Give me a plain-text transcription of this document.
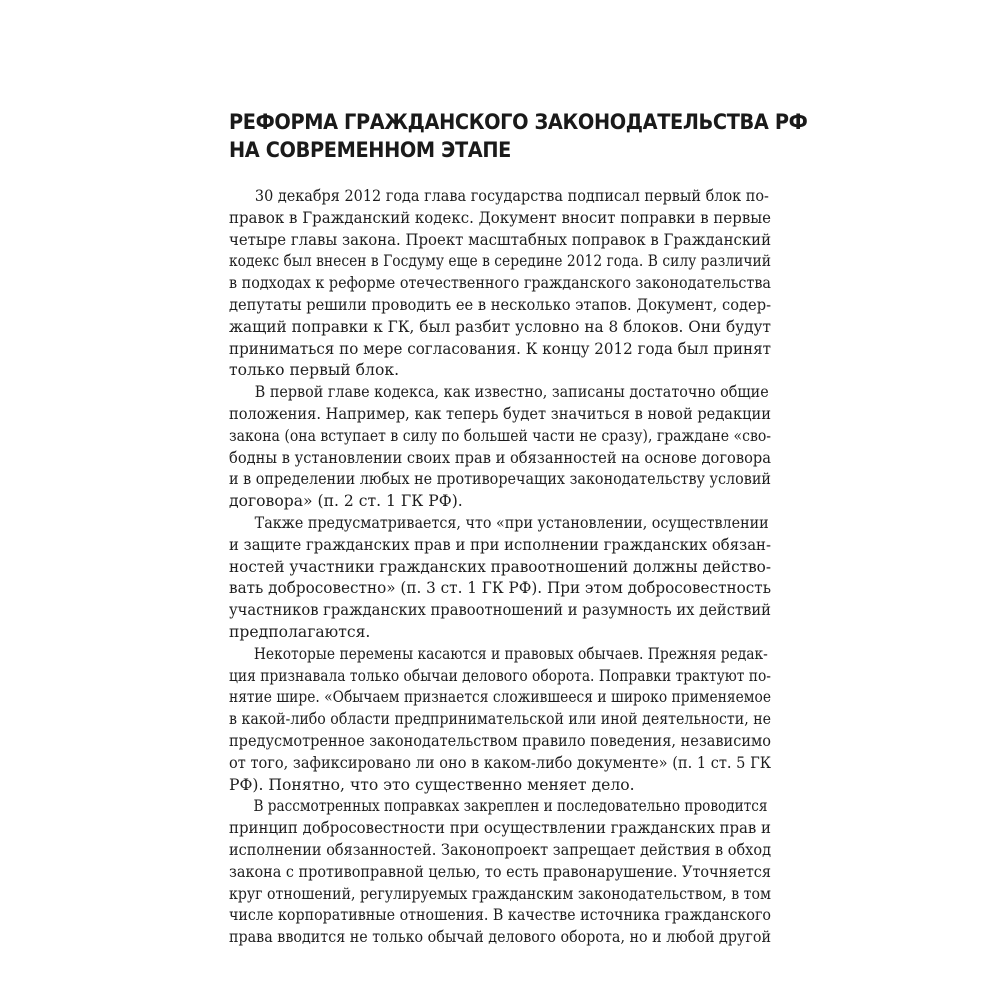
РЕФОРМА ГРАЖДАНСКОГО ЗАКОНОДАТЕЛЬСТВА РФ
НА СОВРЕМЕННОМ ЭТАПЕ
30 декабря 2012 года глава государства подписал первый блок по-
правок в Гражданский кодекс. Документ вносит поправки в первые
четыре главы закона. Проект масштабных поправок в Гражданский
кодекс был внесен в Госдуму еще в середине 2012 года. В силу различий
в подходах к реформе отечественного гражданского законодательства
депутаты решили проводить ее в несколько этапов. Документ, содер-
жащий поправки к ГК, был разбит условно на 8 блоков. Они будут
приниматься по мере согласования. К концу 2012 года был принят
только первый блок.
В первой главе кодекса, как известно, записаны достаточно общие
положения. Например, как теперь будет значиться в новой редакции
закона (она вступает в силу по большей части не сразу), граждане «сво-
бодны в установлении своих прав и обязанностей на основе договора
и в определении любых не противоречащих законодательству условий
договора» (п. 2 ст. 1 ГК РФ).
Также предусматривается, что «при установлении, осуществлении
и защите гражданских прав и при исполнении гражданских обязан-
ностей участники гражданских правоотношений должны действо-
вать добросовестно» (п. 3 ст. 1 ГК РФ). При этом добросовестность
участников гражданских правоотношений и разумность их действий
предполагаются.
Некоторые перемены касаются и правовых обычаев. Прежняя редак-
ция признавала только обычаи делового оборота. Поправки трактуют по-
нятие шире. «Обычаем признается сложившееся и широко применяемое
в какой-либо области предпринимательской или иной деятельности, не
предусмотренное законодательством правило поведения, независимо
от того, зафиксировано ли оно в каком-либо документе» (п. 1 ст. 5 ГК
РФ). Понятно, что это существенно меняет дело.
В рассмотренных поправках закреплен и последовательно проводится
принцип добросовестности при осуществлении гражданских прав и
исполнении обязанностей. Законопроект запрещает действия в обход
закона с противоправной целью, то есть правонарушение. Уточняется
круг отношений, регулируемых гражданским законодательством, в том
числе корпоративные отношения. В качестве источника гражданского
права вводится не только обычай делового оборота, но и любой другой
